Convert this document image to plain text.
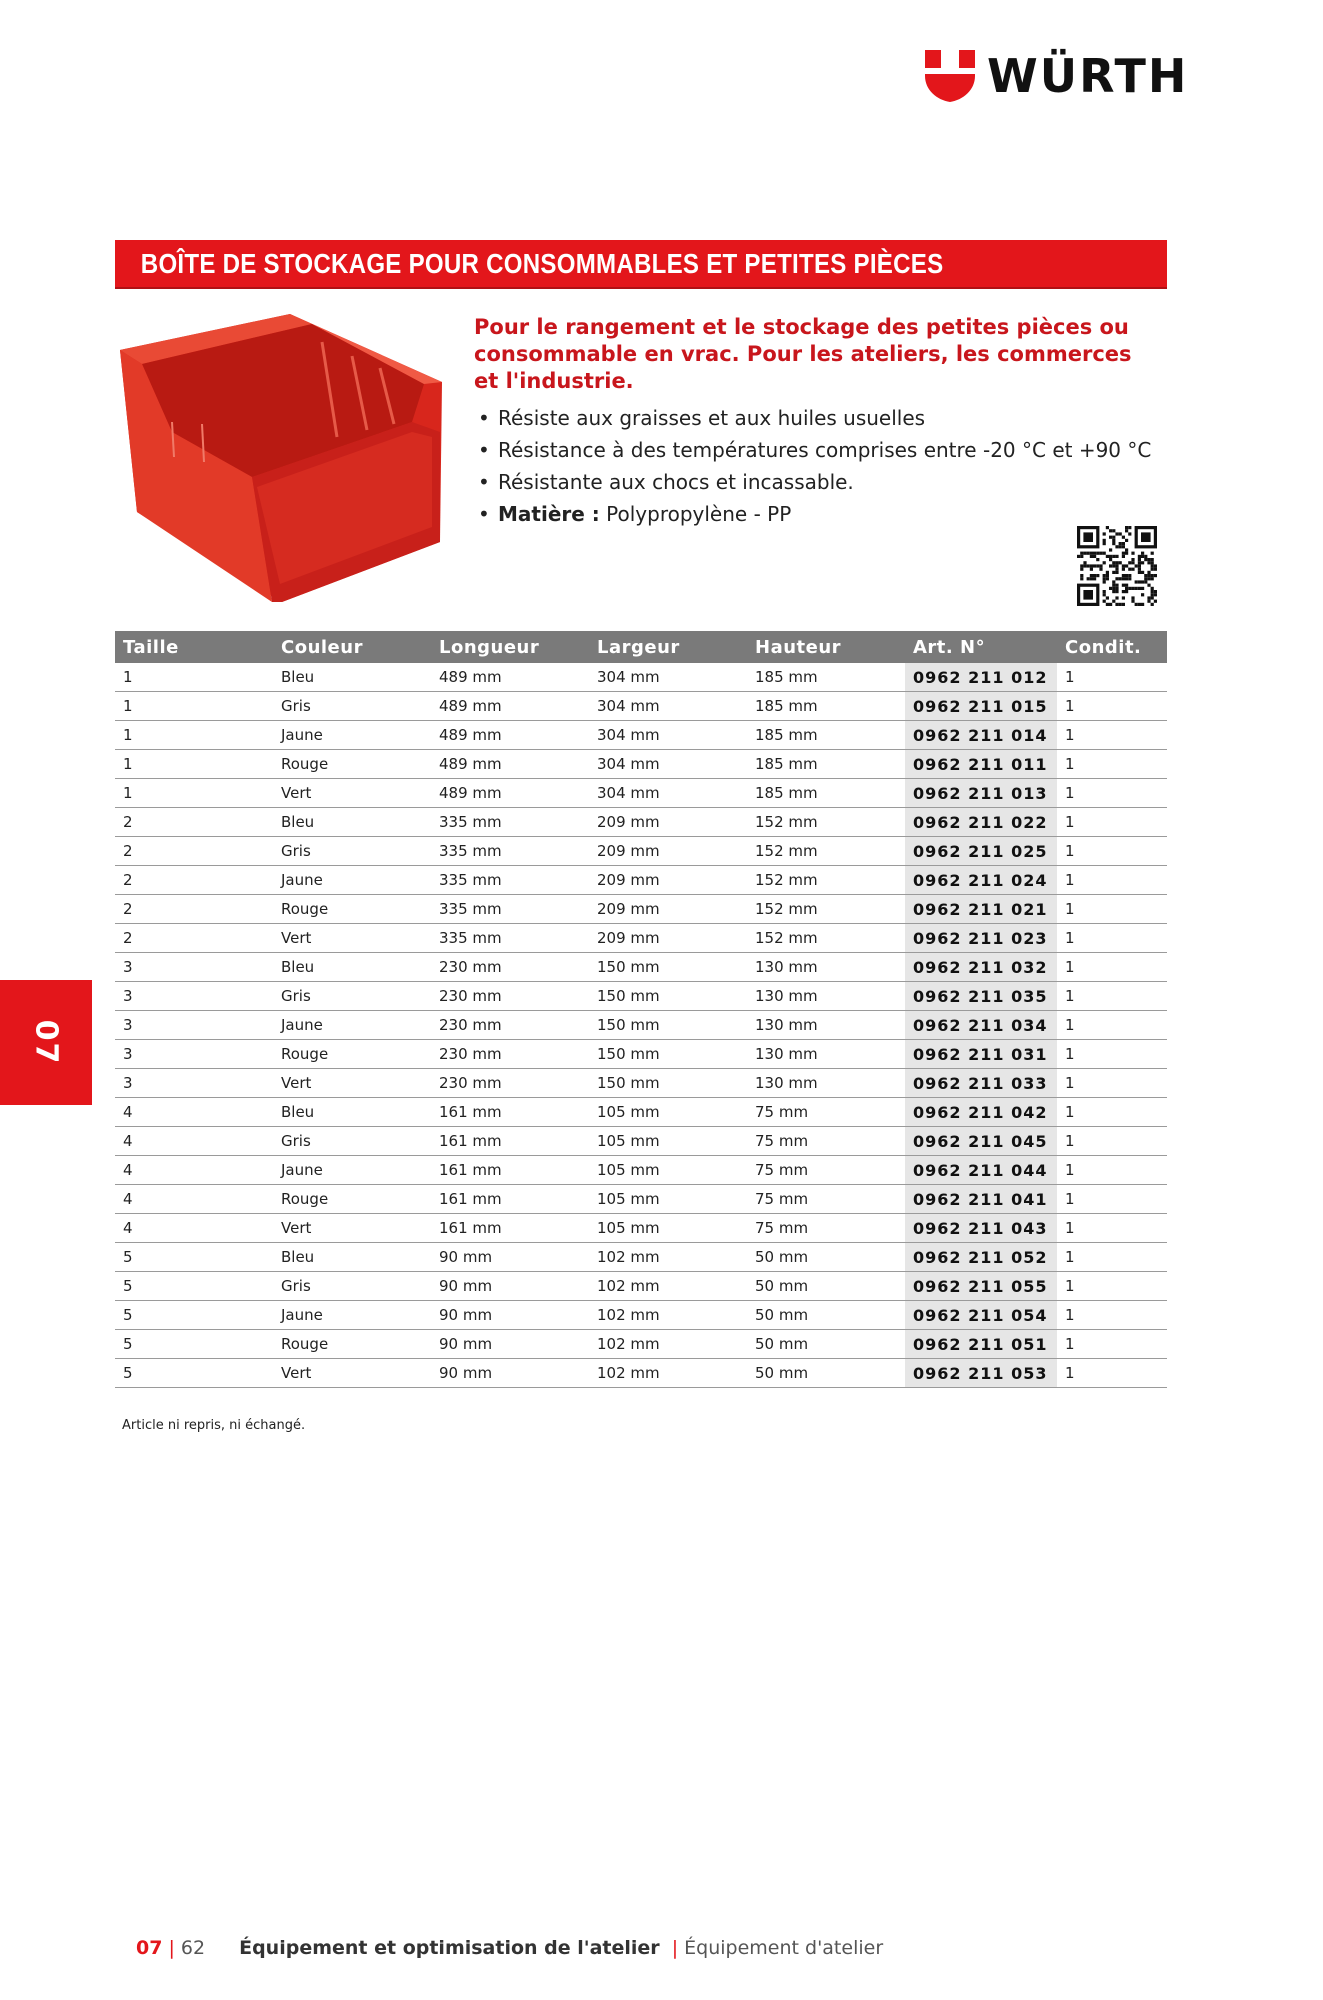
WÜRTH
BOÎTE DE STOCKAGE POUR CONSOMMABLES ET PETITES PIÈCES
Pour le rangement et le stockage des petites pièces ou consommable en vrac. Pour les ateliers, les commerces et l'industrie.
• Résiste aux graisses et aux huiles usuelles
• Résistance à des températures comprises entre -20 °C et +90 °C
• Résistante aux chocs et incassable.
• Matière : Polypropylène - PP
Taille	Couleur	Longueur	Largeur	Hauteur	Art. N°	Condit.
1	Bleu	489 mm	304 mm	185 mm	0962 211 012	1
1	Gris	489 mm	304 mm	185 mm	0962 211 015	1
1	Jaune	489 mm	304 mm	185 mm	0962 211 014	1
1	Rouge	489 mm	304 mm	185 mm	0962 211 011	1
1	Vert	489 mm	304 mm	185 mm	0962 211 013	1
2	Bleu	335 mm	209 mm	152 mm	0962 211 022	1
2	Gris	335 mm	209 mm	152 mm	0962 211 025	1
2	Jaune	335 mm	209 mm	152 mm	0962 211 024	1
2	Rouge	335 mm	209 mm	152 mm	0962 211 021	1
2	Vert	335 mm	209 mm	152 mm	0962 211 023	1
3	Bleu	230 mm	150 mm	130 mm	0962 211 032	1
3	Gris	230 mm	150 mm	130 mm	0962 211 035	1
3	Jaune	230 mm	150 mm	130 mm	0962 211 034	1
3	Rouge	230 mm	150 mm	130 mm	0962 211 031	1
3	Vert	230 mm	150 mm	130 mm	0962 211 033	1
4	Bleu	161 mm	105 mm	75 mm	0962 211 042	1
4	Gris	161 mm	105 mm	75 mm	0962 211 045	1
4	Jaune	161 mm	105 mm	75 mm	0962 211 044	1
4	Rouge	161 mm	105 mm	75 mm	0962 211 041	1
4	Vert	161 mm	105 mm	75 mm	0962 211 043	1
5	Bleu	90 mm	102 mm	50 mm	0962 211 052	1
5	Gris	90 mm	102 mm	50 mm	0962 211 055	1
5	Jaune	90 mm	102 mm	50 mm	0962 211 054	1
5	Rouge	90 mm	102 mm	50 mm	0962 211 051	1
5	Vert	90 mm	102 mm	50 mm	0962 211 053	1
Article ni repris, ni échangé.
07
07 | 62 Équipement et optimisation de l'atelier | Équipement d'atelier
